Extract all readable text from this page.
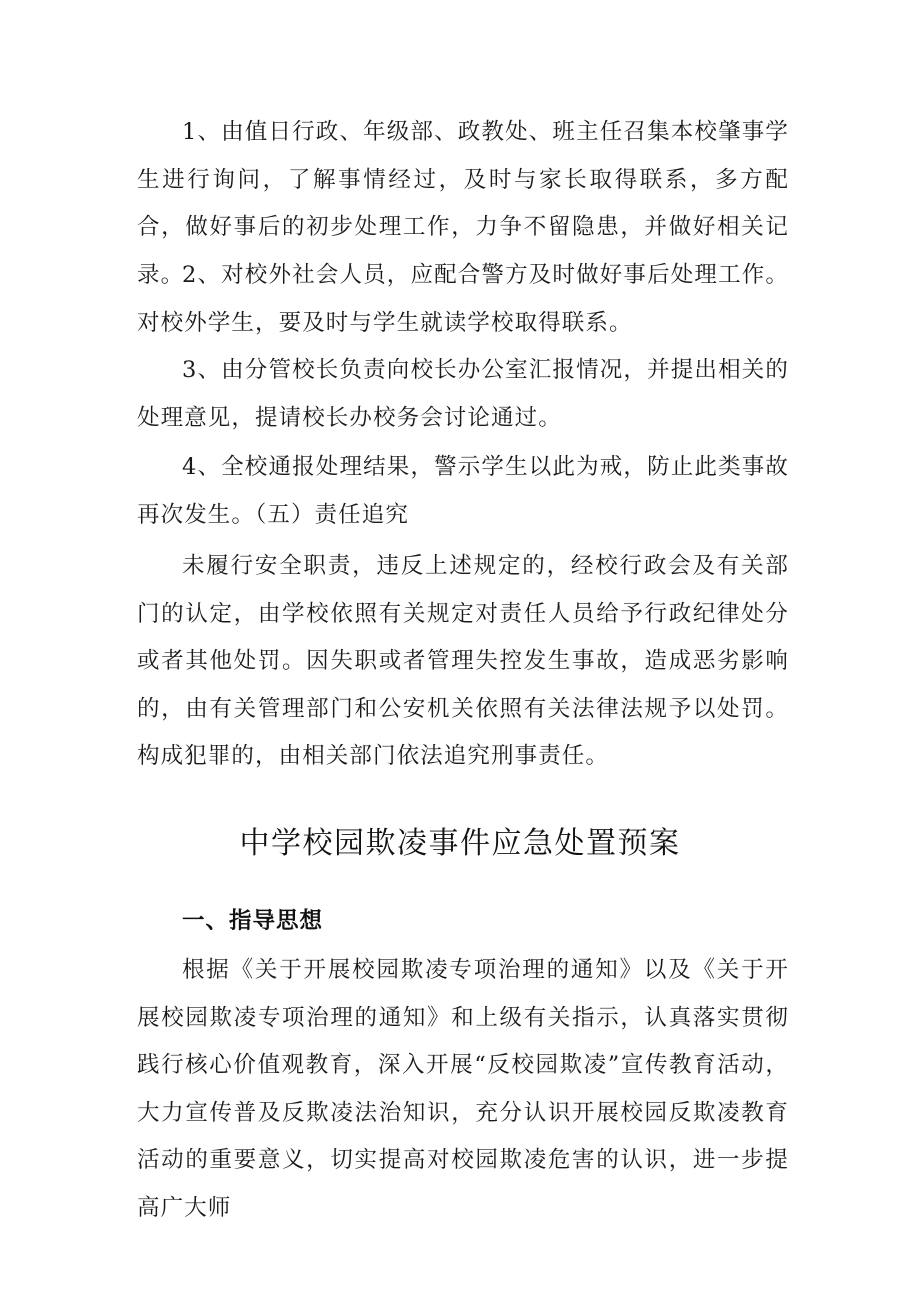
1、由值日行政、年级部、政教处、班主任召集本校肇事学生进行询问，了解事情经过，及时与家长取得联系，多方配合，做好事后的初步处理工作，力争不留隐患，并做好相关记录。

2、对校外社会人员，应配合警方及时做好事后处理工作。对校外学生，要及时与学生就读学校取得联系。

3、由分管校长负责向校长办公室汇报情况，并提出相关的处理意见，提请校长办校务会讨论通过。

4、全校通报处理结果，警示学生以此为戒，防止此类事故再次发生。（五）责任追究

未履行安全职责，违反上述规定的，经校行政会及有关部门的认定，由学校依照有关规定对责任人员给予行政纪律处分或者其他处罚。因失职或者管理失控发生事故，造成恶劣影响的，由有关管理部门和公安机关依照有关法律法规予以处罚。构成犯罪的，由相关部门依法追究刑事责任。

中学校园欺凌事件应急处置预案
一、指导思想

根据《关于开展校园欺凌专项治理的通知》以及《关于开展校园欺凌专项治理的通知》和上级有关指示，认真落实贯彻践行核心价值观教育，深入开展“反校园欺凌”宣传教育活动，大力宣传普及反欺凌法治知识，充分认识开展校园反欺凌教育活动的重要意义，切实提高对校园欺凌危害的认识，进一步提高广大师
